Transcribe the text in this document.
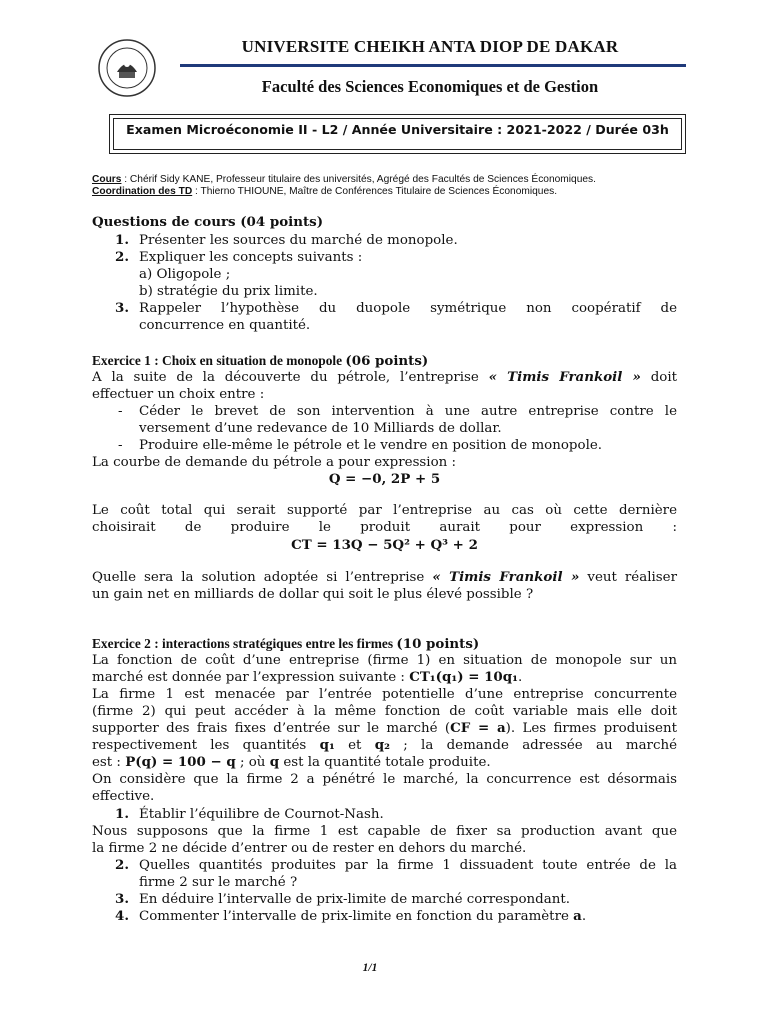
UNIVERSITE CHEIKH ANTA DIOP DE DAKAR
Faculté des Sciences Economiques et de Gestion
Examen Microéconomie II - L2 / Année Universitaire : 2021-2022 / Durée 03h
Cours : Chérif Sidy KANE, Professeur titulaire des universités, Agrégé des Facultés de Sciences Économiques.
Coordination des TD : Thierno THIOUNE, Maître de Conférences Titulaire de Sciences Économiques.
Questions de cours (04 points)
1. Présenter les sources du marché de monopole.
2. Expliquer les concepts suivants :
a) Oligopole ;
b) stratégie du prix limite.
3. Rappeler l’hypothèse du duopole symétrique non coopératif de
concurrence en quantité.
Exercice 1 : Choix en situation de monopole (06 points)
A la suite de la découverte du pétrole, l’entreprise « Timis Frankoil » doit
effectuer un choix entre :
-	Céder le brevet de son intervention à une autre entreprise contre le
versement d’une redevance de 10 Milliards de dollar.
-	Produire elle-même le pétrole et le vendre en position de monopole.
La courbe de demande du pétrole a pour expression :
Q = −0, 2P + 5
Le coût total qui serait supporté par l’entreprise au cas où cette dernière
choisirait de produire le produit aurait pour expression :
CT = 13Q − 5Q² + Q³ + 2
Quelle sera la solution adoptée si l’entreprise « Timis Frankoil » veut réaliser
un gain net en milliards de dollar qui soit le plus élevé possible ?
Exercice 2 : interactions stratégiques entre les firmes (10 points)
La fonction de coût d’une entreprise (firme 1) en situation de monopole sur un
marché est donnée par l’expression suivante : CT₁(q₁) = 10q₁.
La firme 1 est menacée par l’entrée potentielle d’une entreprise concurrente
(firme 2) qui peut accéder à la même fonction de coût variable mais elle doit
supporter des frais fixes d’entrée sur le marché (CF = a). Les firmes produisent
respectivement les quantités q₁ et q₂ ; la demande adressée au marché
est : P(q) = 100 − q ; où q est la quantité totale produite.
On considère que la firme 2 a pénétré le marché, la concurrence est désormais
effective.
1. Établir l’équilibre de Cournot-Nash.
Nous supposons que la firme 1 est capable de fixer sa production avant que
la firme 2 ne décide d’entrer ou de rester en dehors du marché.
2. Quelles quantités produites par la firme 1 dissuadent toute entrée de la
firme 2 sur le marché ?
3. En déduire l’intervalle de prix-limite de marché correspondant.
4. Commenter l’intervalle de prix-limite en fonction du paramètre a.
1/1
